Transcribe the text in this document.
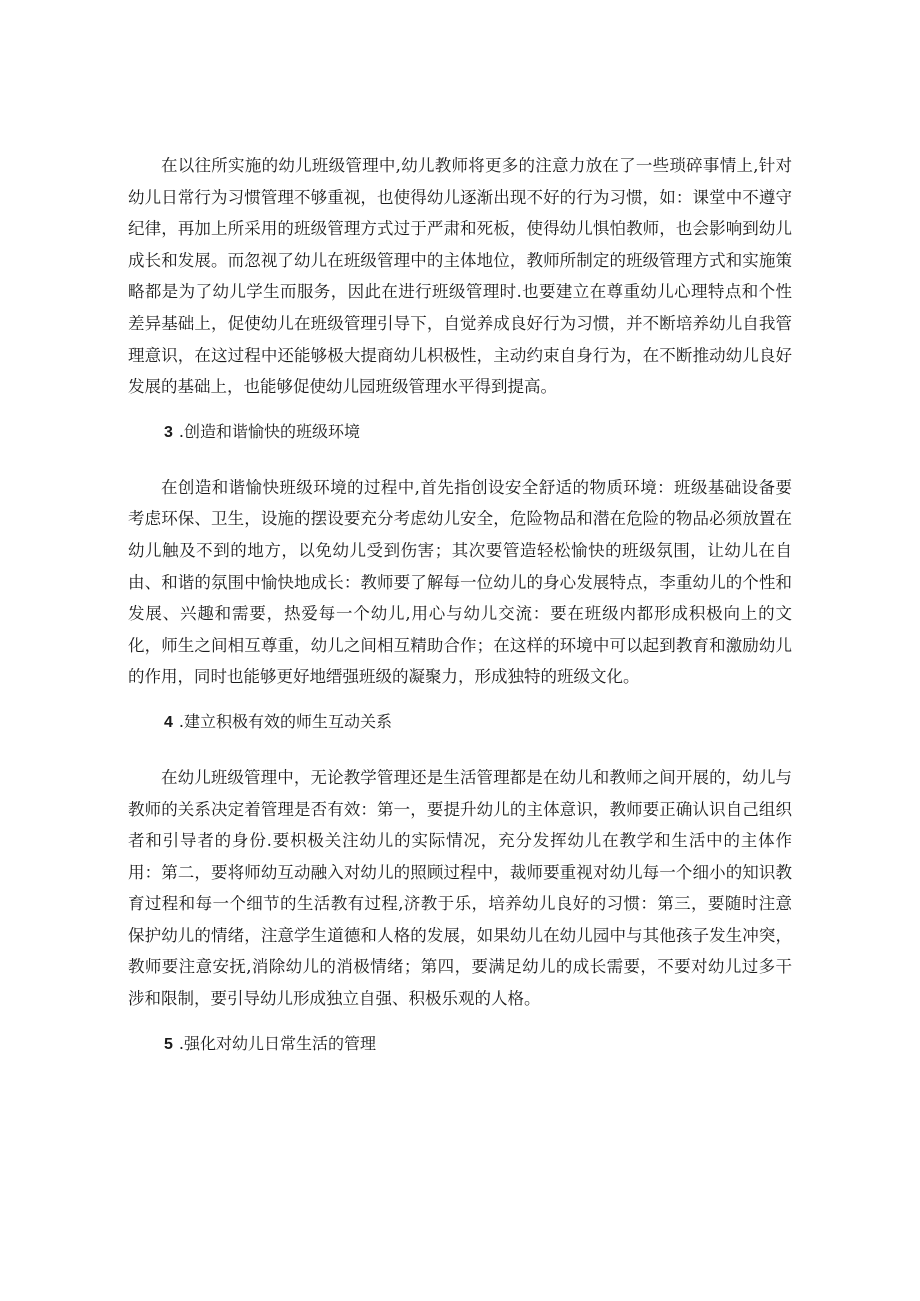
在以往所实施的幼儿班级管理中,幼儿教师将更多的注意力放在了一些琐碎事情上,针对幼儿日常行为习惯管理不够重视，也使得幼儿逐渐出现不好的行为习惯，如：课堂中不遵守纪律，再加上所采用的班级管理方式过于严肃和死板，使得幼儿惧怕教师，也会影响到幼儿成长和发展。而忽视了幼儿在班级管理中的主体地位，教师所制定的班级管理方式和实施策略都是为了幼儿学生而服务，因此在进行班级管理时.也要建立在尊重幼儿心理特点和个性差异基础上，促使幼儿在班级管理引导下，自觉养成良好行为习惯，并不断培养幼儿自我管理意识，在这过程中还能够极大提商幼儿枳极性，主动约束自身行为，在不断推动幼儿良好发展的基础上，也能够促使幼儿园班级管理水平得到提高。

3 .创造和谐愉快的班级环境

在创造和谐愉快班级环境的过程中,首先指创设安全舒适的物质环境：班级基础设备要考虑环保、卫生，设施的摆设要充分考虑幼儿安全，危险物品和潜在危险的物品必须放置在幼儿触及不到的地方，以免幼儿受到伤害；其次要管造轻松愉快的班级氛围，让幼儿在自由、和谐的氛围中愉快地成长：教师要了解每一位幼儿的身心发展特点，李重幼儿的个性和发展、兴趣和需要，热爱每一个幼儿,用心与幼儿交流：要在班级内都形成积极向上的文化，师生之间相互尊重，幼儿之间相互精助合作；在这样的环境中可以起到教育和激励幼儿的作用，同时也能够更好地缙强班级的凝聚力，形成独特的班级文化。

4 .建立积极有效的师生互动关系

在幼儿班级管理中，无论教学管理还是生活管理都是在幼儿和教师之间开展的，幼儿与教师的关系决定着管理是否有效：第一，要提升幼儿的主体意识，教师要正确认识自己组织者和引导者的身份.要枳极关注幼儿的实际情况，充分发挥幼儿在教学和生活中的主体作用：第二，要将师幼互动融入对幼儿的照顾过程中，裁师要重视对幼儿每一个细小的知识教育过程和每一个细节的生活教有过程,济教于乐，培养幼儿良好的习惯：第三，要随时注意保护幼儿的情绪，注意学生道德和人格的发展，如果幼儿在幼儿园中与其他孩子发生冲突，教师要注意安抚,消除幼儿的消极情绪；第四，要满足幼儿的成长需要，不要对幼儿过多干涉和限制，要引导幼儿形成独立自强、积极乐观的人格。

5 .强化对幼儿日常生活的管理
